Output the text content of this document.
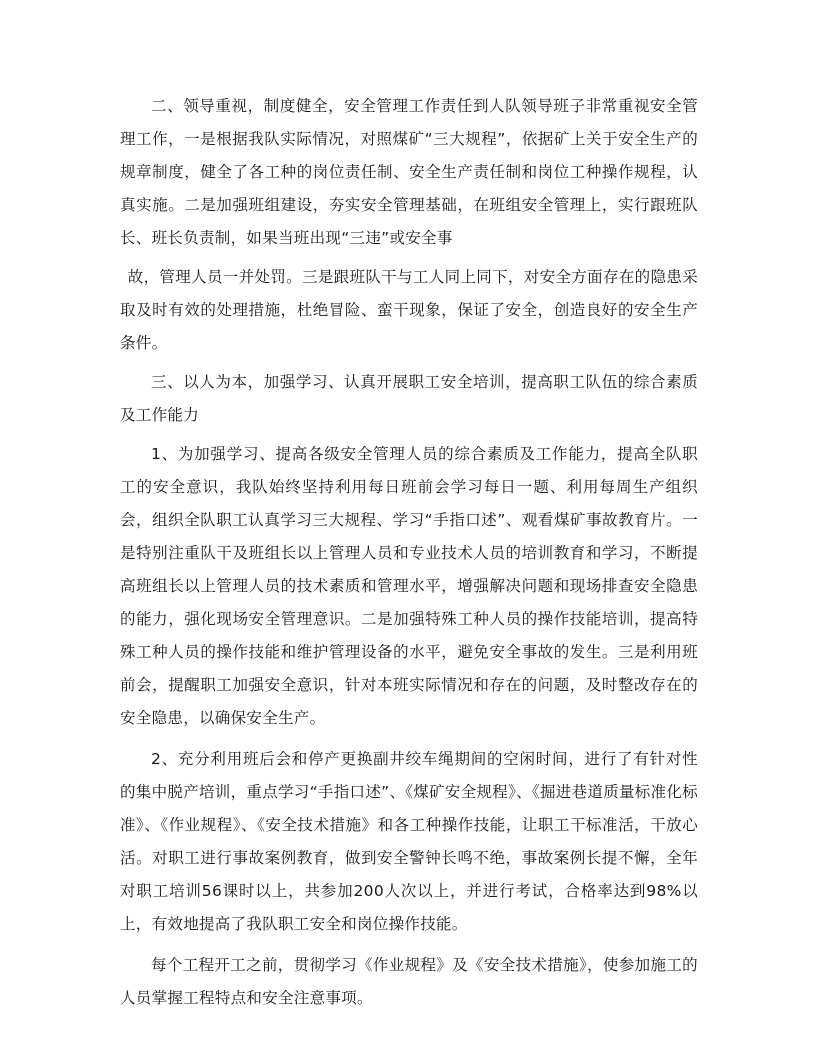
二、领导重视，制度健全，安全管理工作责任到人队领导班子非常重视安全管理工作，一是根据我队实际情况，对照煤矿“三大规程”，依据矿上关于安全生产的规章制度，健全了各工种的岗位责任制、安全生产责任制和岗位工种操作规程，认真实施。二是加强班组建设，夯实安全管理基础，在班组安全管理上，实行跟班队长、班长负责制，如果当班出现“三违”或安全事

故，管理人员一并处罚。三是跟班队干与工人同上同下，对安全方面存在的隐患采取及时有效的处理措施，杜绝冒险、蛮干现象，保证了安全，创造良好的安全生产条件。

三、以人为本，加强学习、认真开展职工安全培训，提高职工队伍的综合素质及工作能力

1、为加强学习、提高各级安全管理人员的综合素质及工作能力，提高全队职工的安全意识，我队始终坚持利用每日班前会学习每日一题、利用每周生产组织会，组织全队职工认真学习三大规程、学习“手指口述”、观看煤矿事故教育片。一是特别注重队干及班组长以上管理人员和专业技术人员的培训教育和学习，不断提高班组长以上管理人员的技术素质和管理水平，增强解决问题和现场排查安全隐患的能力，强化现场安全管理意识。二是加强特殊工种人员的操作技能培训，提高特殊工种人员的操作技能和维护管理设备的水平，避免安全事故的发生。三是利用班前会，提醒职工加强安全意识，针对本班实际情况和存在的问题，及时整改存在的安全隐患，以确保安全生产。

2、充分利用班后会和停产更换副井绞车绳期间的空闲时间，进行了有针对性的集中脱产培训，重点学习“手指口述”、《煤矿安全规程》、《掘进巷道质量标准化标准》、《作业规程》、《安全技术措施》和各工种操作技能，让职工干标准活，干放心活。对职工进行事故案例教育，做到安全警钟长鸣不绝，事故案例长提不懈，全年对职工培训56课时以上，共参加200人次以上，并进行考试，合格率达到98%以上，有效地提高了我队职工安全和岗位操作技能。

每个工程开工之前，贯彻学习《作业规程》及《安全技术措施》，使参加施工的人员掌握工程特点和安全注意事项。
